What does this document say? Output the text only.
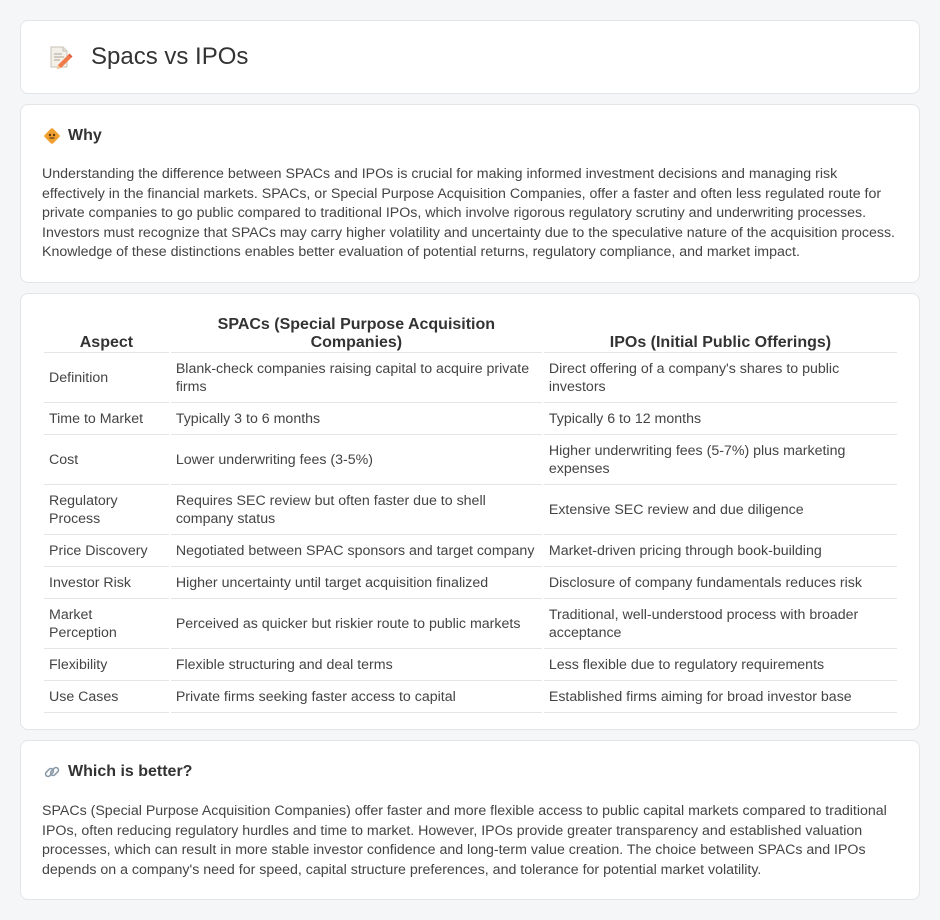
Spacs vs IPOs
Why

Understanding the difference between SPACs and IPOs is crucial for making informed investment decisions and managing risk effectively in the financial markets. SPACs, or Special Purpose Acquisition Companies, offer a faster and often less regulated route for private companies to go public compared to traditional IPOs, which involve rigorous regulatory scrutiny and underwriting processes. Investors must recognize that SPACs may carry higher volatility and uncertainty due to the speculative nature of the acquisition process. Knowledge of these distinctions enables better evaluation of potential returns, regulatory compliance, and market impact.

Aspect	SPACs (Special Purpose Acquisition Companies)	IPOs (Initial Public Offerings)
Definition	Blank-check companies raising capital to acquire private firms	Direct offering of a company's shares to public investors
Time to Market	Typically 3 to 6 months	Typically 6 to 12 months
Cost	Lower underwriting fees (3-5%)	Higher underwriting fees (5-7%) plus marketing expenses
Regulatory Process	Requires SEC review but often faster due to shell company status	Extensive SEC review and due diligence
Price Discovery	Negotiated between SPAC sponsors and target company	Market-driven pricing through book-building
Investor Risk	Higher uncertainty until target acquisition finalized	Disclosure of company fundamentals reduces risk
Market Perception	Perceived as quicker but riskier route to public markets	Traditional, well-understood process with broader acceptance
Flexibility	Flexible structuring and deal terms	Less flexible due to regulatory requirements
Use Cases	Private firms seeking faster access to capital	Established firms aiming for broad investor base
Which is better?

SPACs (Special Purpose Acquisition Companies) offer faster and more flexible access to public capital markets compared to traditional IPOs, often reducing regulatory hurdles and time to market. However, IPOs provide greater transparency and established valuation processes, which can result in more stable investor confidence and long-term value creation. The choice between SPACs and IPOs depends on a company's need for speed, capital structure preferences, and tolerance for potential market volatility.
